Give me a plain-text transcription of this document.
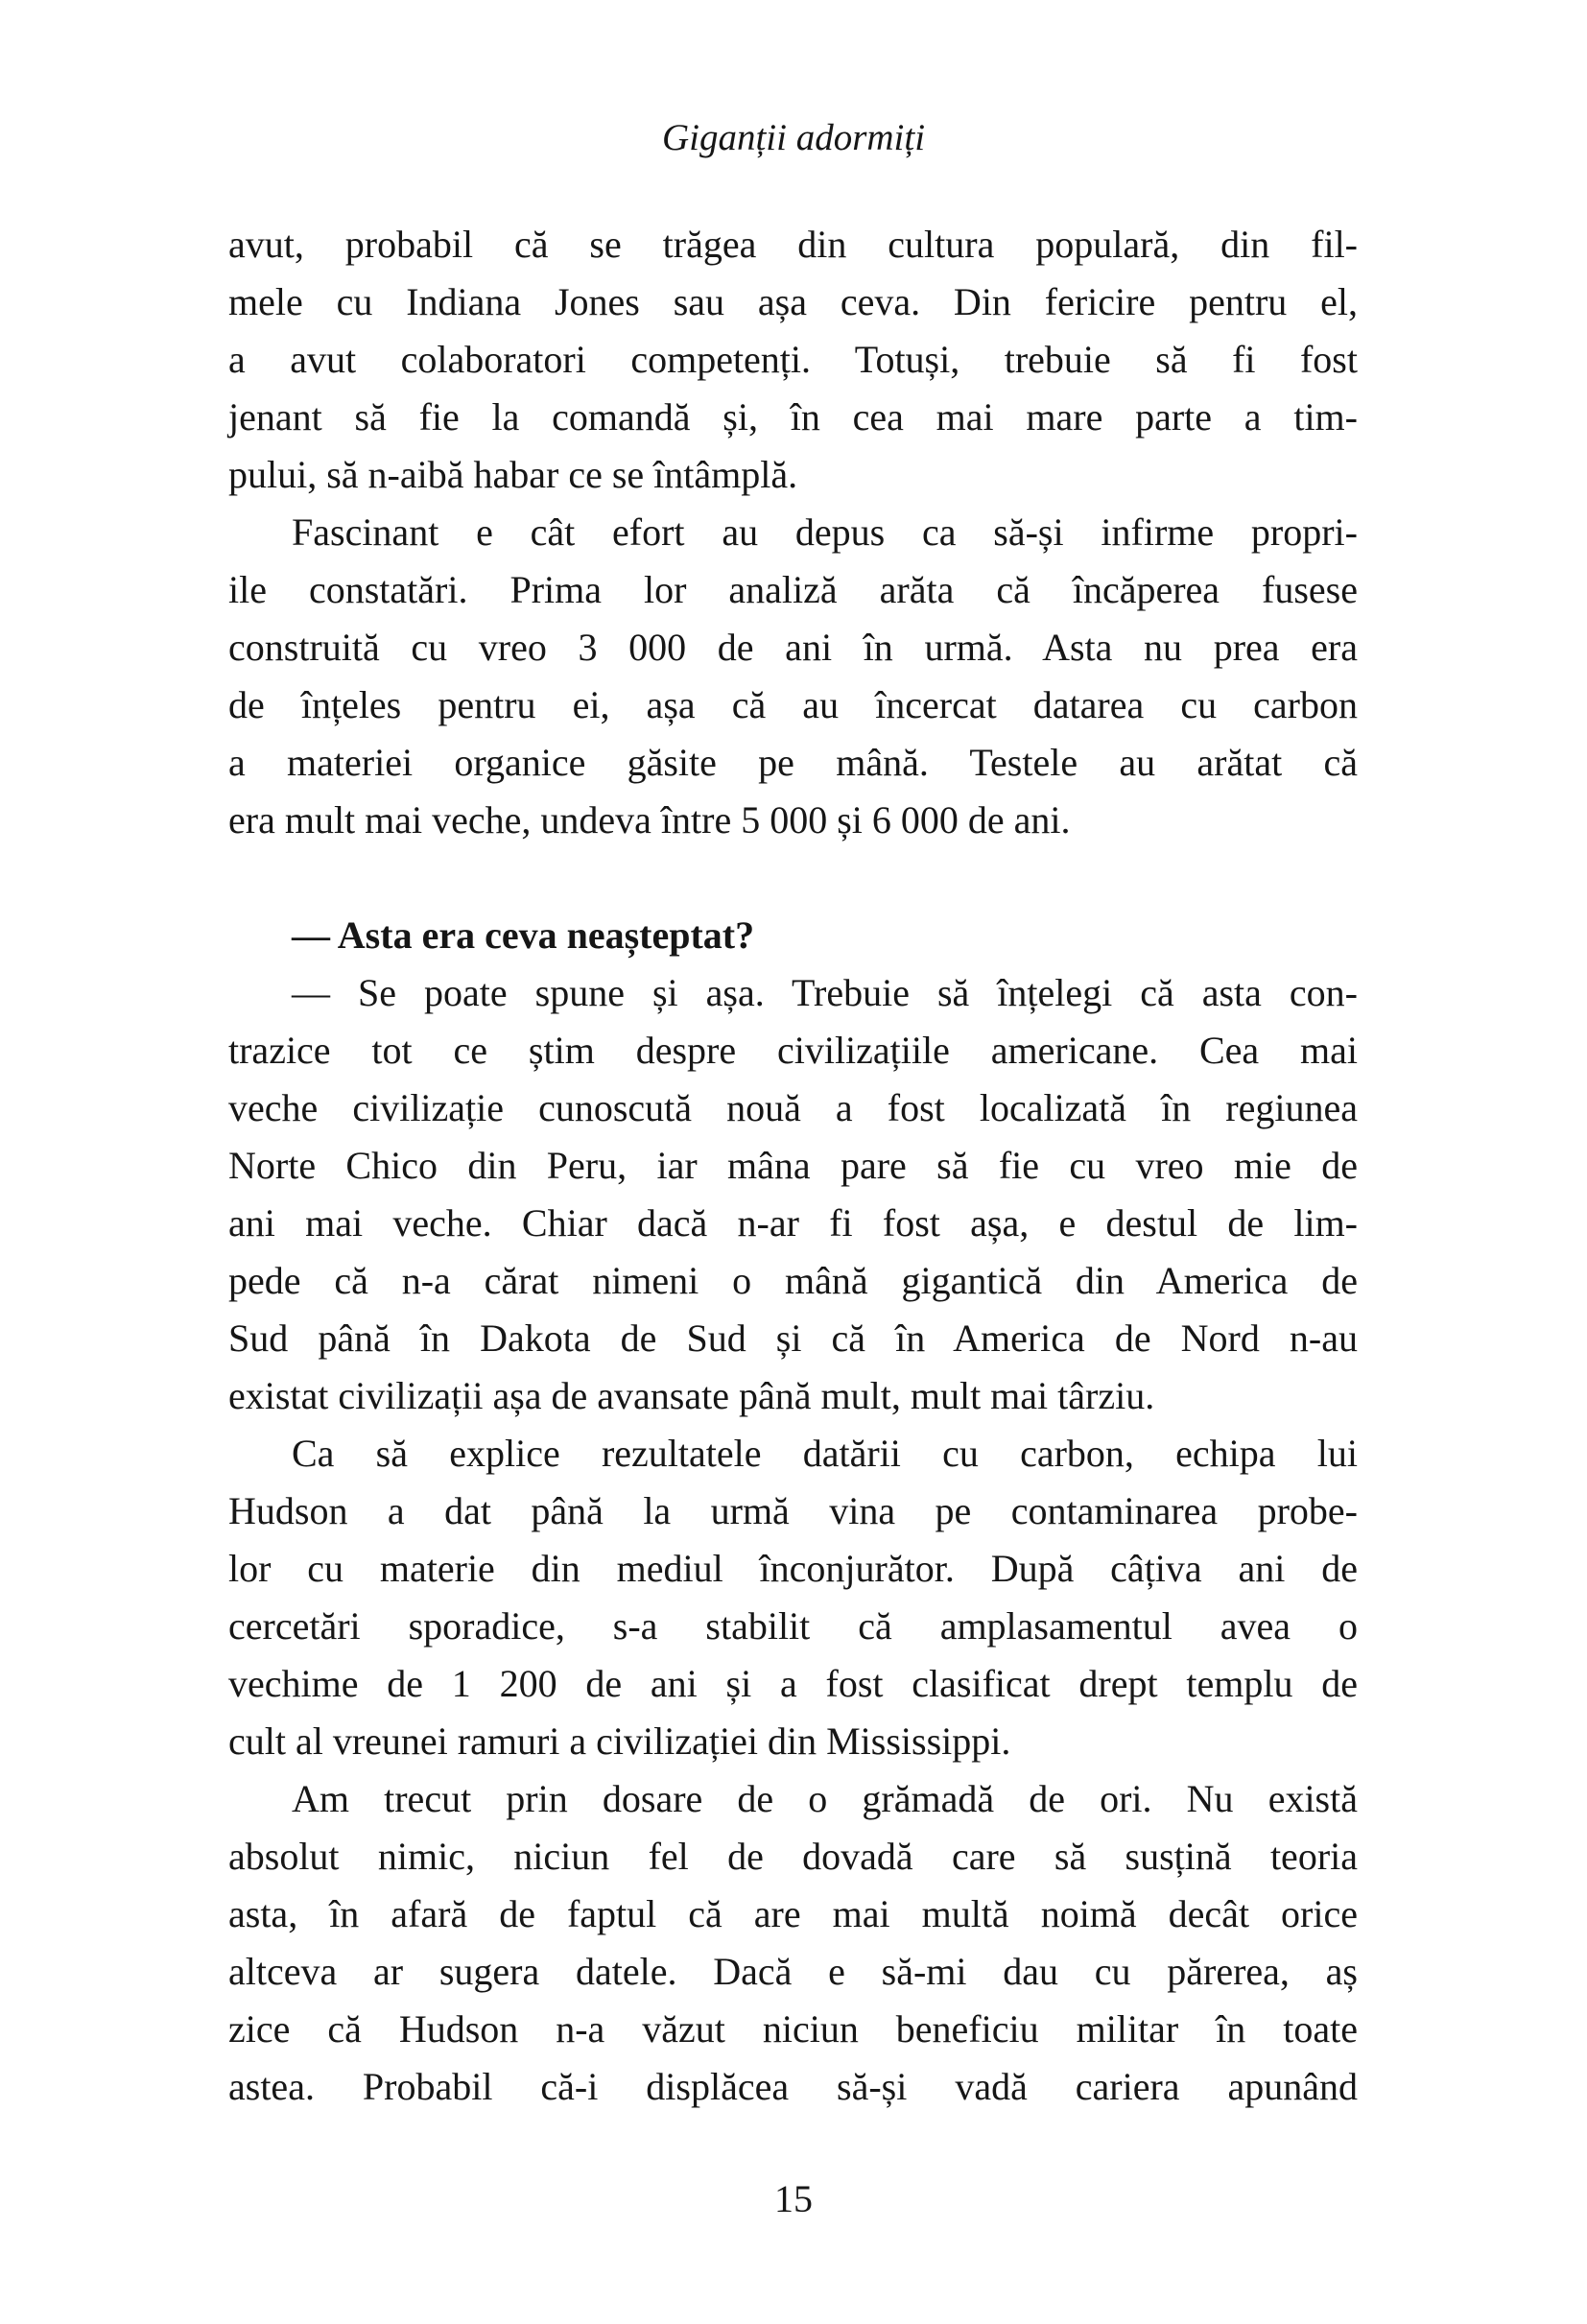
Giganții adormiți
avut, probabil că se trăgea din cultura populară, din fil-
mele cu Indiana Jones sau așa ceva. Din fericire pentru el,
a avut colaboratori competenți. Totuși, trebuie să fi fost
jenant să fie la comandă și, în cea mai mare parte a tim-
pului, să n-aibă habar ce se întâmplă.
Fascinant e cât efort au depus ca să-și infirme propri-
ile constatări. Prima lor analiză arăta că încăperea fusese
construită cu vreo 3 000 de ani în urmă. Asta nu prea era
de înțeles pentru ei, așa că au încercat datarea cu carbon
a materiei organice găsite pe mână. Testele au arătat că
era mult mai veche, undeva între 5 000 și 6 000 de ani.
— Asta era ceva neașteptat?
— Se poate spune și așa. Trebuie să înțelegi că asta con-
trazice tot ce știm despre civilizațiile americane. Cea mai
veche civilizație cunoscută nouă a fost localizată în regiunea
Norte Chico din Peru, iar mâna pare să fie cu vreo mie de
ani mai veche. Chiar dacă n-ar fi fost așa, e destul de lim-
pede că n-a cărat nimeni o mână gigantică din America de
Sud până în Dakota de Sud și că în America de Nord n-au
existat civilizații așa de avansate până mult, mult mai târziu.
Ca să explice rezultatele datării cu carbon, echipa lui
Hudson a dat până la urmă vina pe contaminarea probe-
lor cu materie din mediul înconjurător. După câțiva ani de
cercetări sporadice, s-a stabilit că amplasamentul avea o
vechime de 1 200 de ani și a fost clasificat drept templu de
cult al vreunei ramuri a civilizației din Mississippi.
Am trecut prin dosare de o grămadă de ori. Nu există
absolut nimic, niciun fel de dovadă care să susțină teoria
asta, în afară de faptul că are mai multă noimă decât orice
altceva ar sugera datele. Dacă e să-mi dau cu părerea, aș
zice că Hudson n-a văzut niciun beneficiu militar în toate
astea. Probabil că-i displăcea să-și vadă cariera apunând
15
